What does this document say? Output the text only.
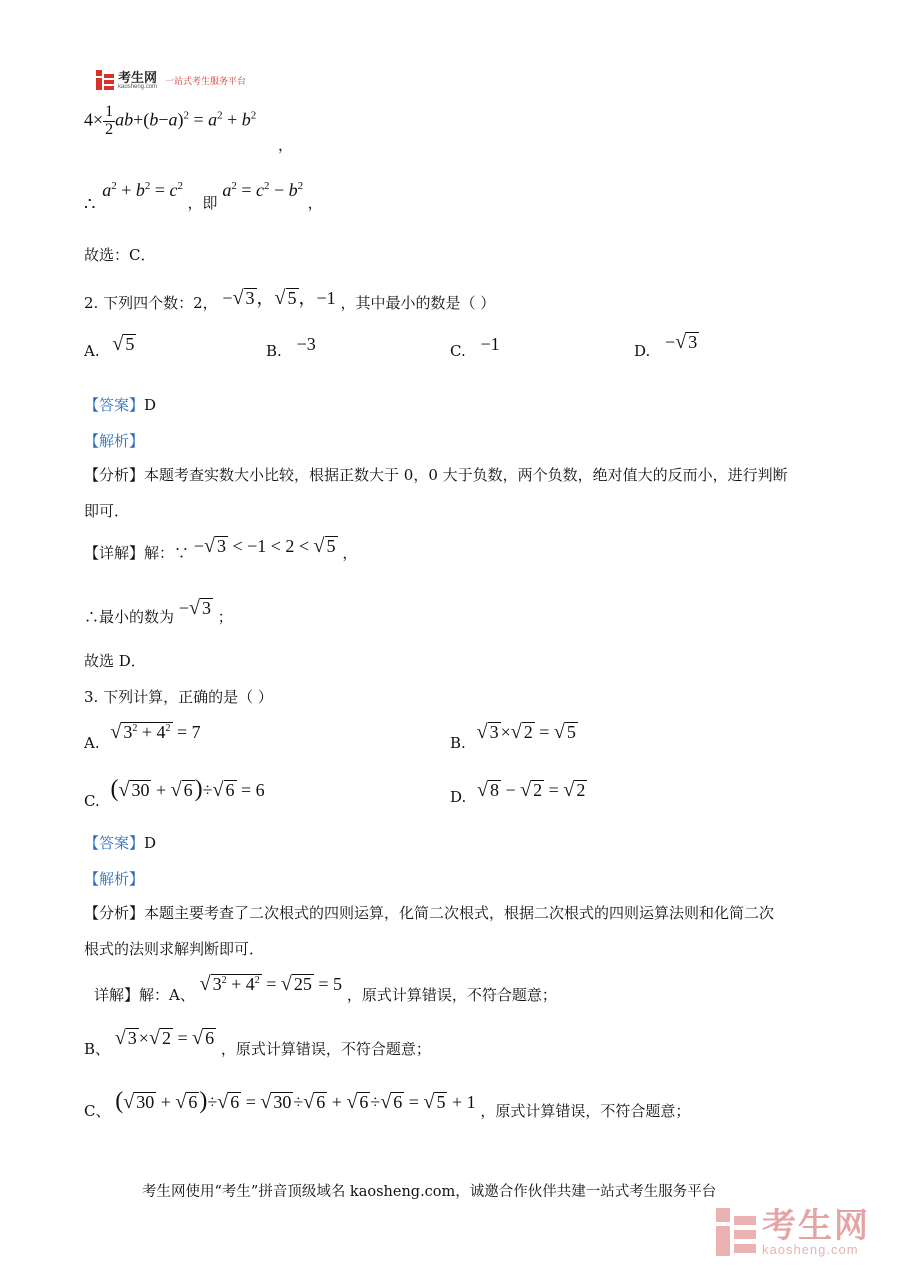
考生网
kaosheng.com
一站式考生服务平台
$4\times \frac{1}{2} ab+(b-a)^2 = a^2 + b^2$
，
∴ $a^2 + b^2 = c^2$ ，即 $a^2 = c^2 - b^2$ ，
故选：C．
2. 下列四个数：2， −√ 3 ，√ 5 ，−1 ，其中最小的数是（ ）
A. √ 5	B. −3	C. −1	D. −√ 3
【答案】D
【解析】
【分析】本题考查实数大小比较，根据正数大于 0，0 大于负数，两个负数，绝对值大的反而小，进行判断
即可．
【详解】解：∵ −√ 3 < −1 < 2 < √ 5 ，
∴最小的数为 −√ 3 ；
故选 D．
3. 下列计算，正确的是（ ）
A. √ $3^2 + 4^2 = 7$
B. √ 3 ×√ 2 = √ 5
C. (√ 30 + √ 6)÷√ 6 = 6	D. √ 8 − √ 2 = √ 2
【答案】D
【解析】
【分析】本题主要考查了二次根式的四则运算，化简二次根式，根据二次根式的四则运算法则和化简二次
根式的法则求解判断即可．
详解】解：A、 √ $3^2 + 4^2$ = √ 25 = 5 ，原式计算错误，不符合题意；
B、 √ 3 ×√ 2 = √ 6 ，原式计算错误，不符合题意；
C、 (√ 30 + √ 6)÷√ 6 = √ 30 ÷√ 6 + √ 6 ÷√ 6 = √ 5 + 1 ，原式计算错误，不符合题意；
考生网使用“考生”拼音顶级域名 kaosheng.com，诚邀合作伙伴共建一站式考生服务平台
考生网
kaosheng.com
